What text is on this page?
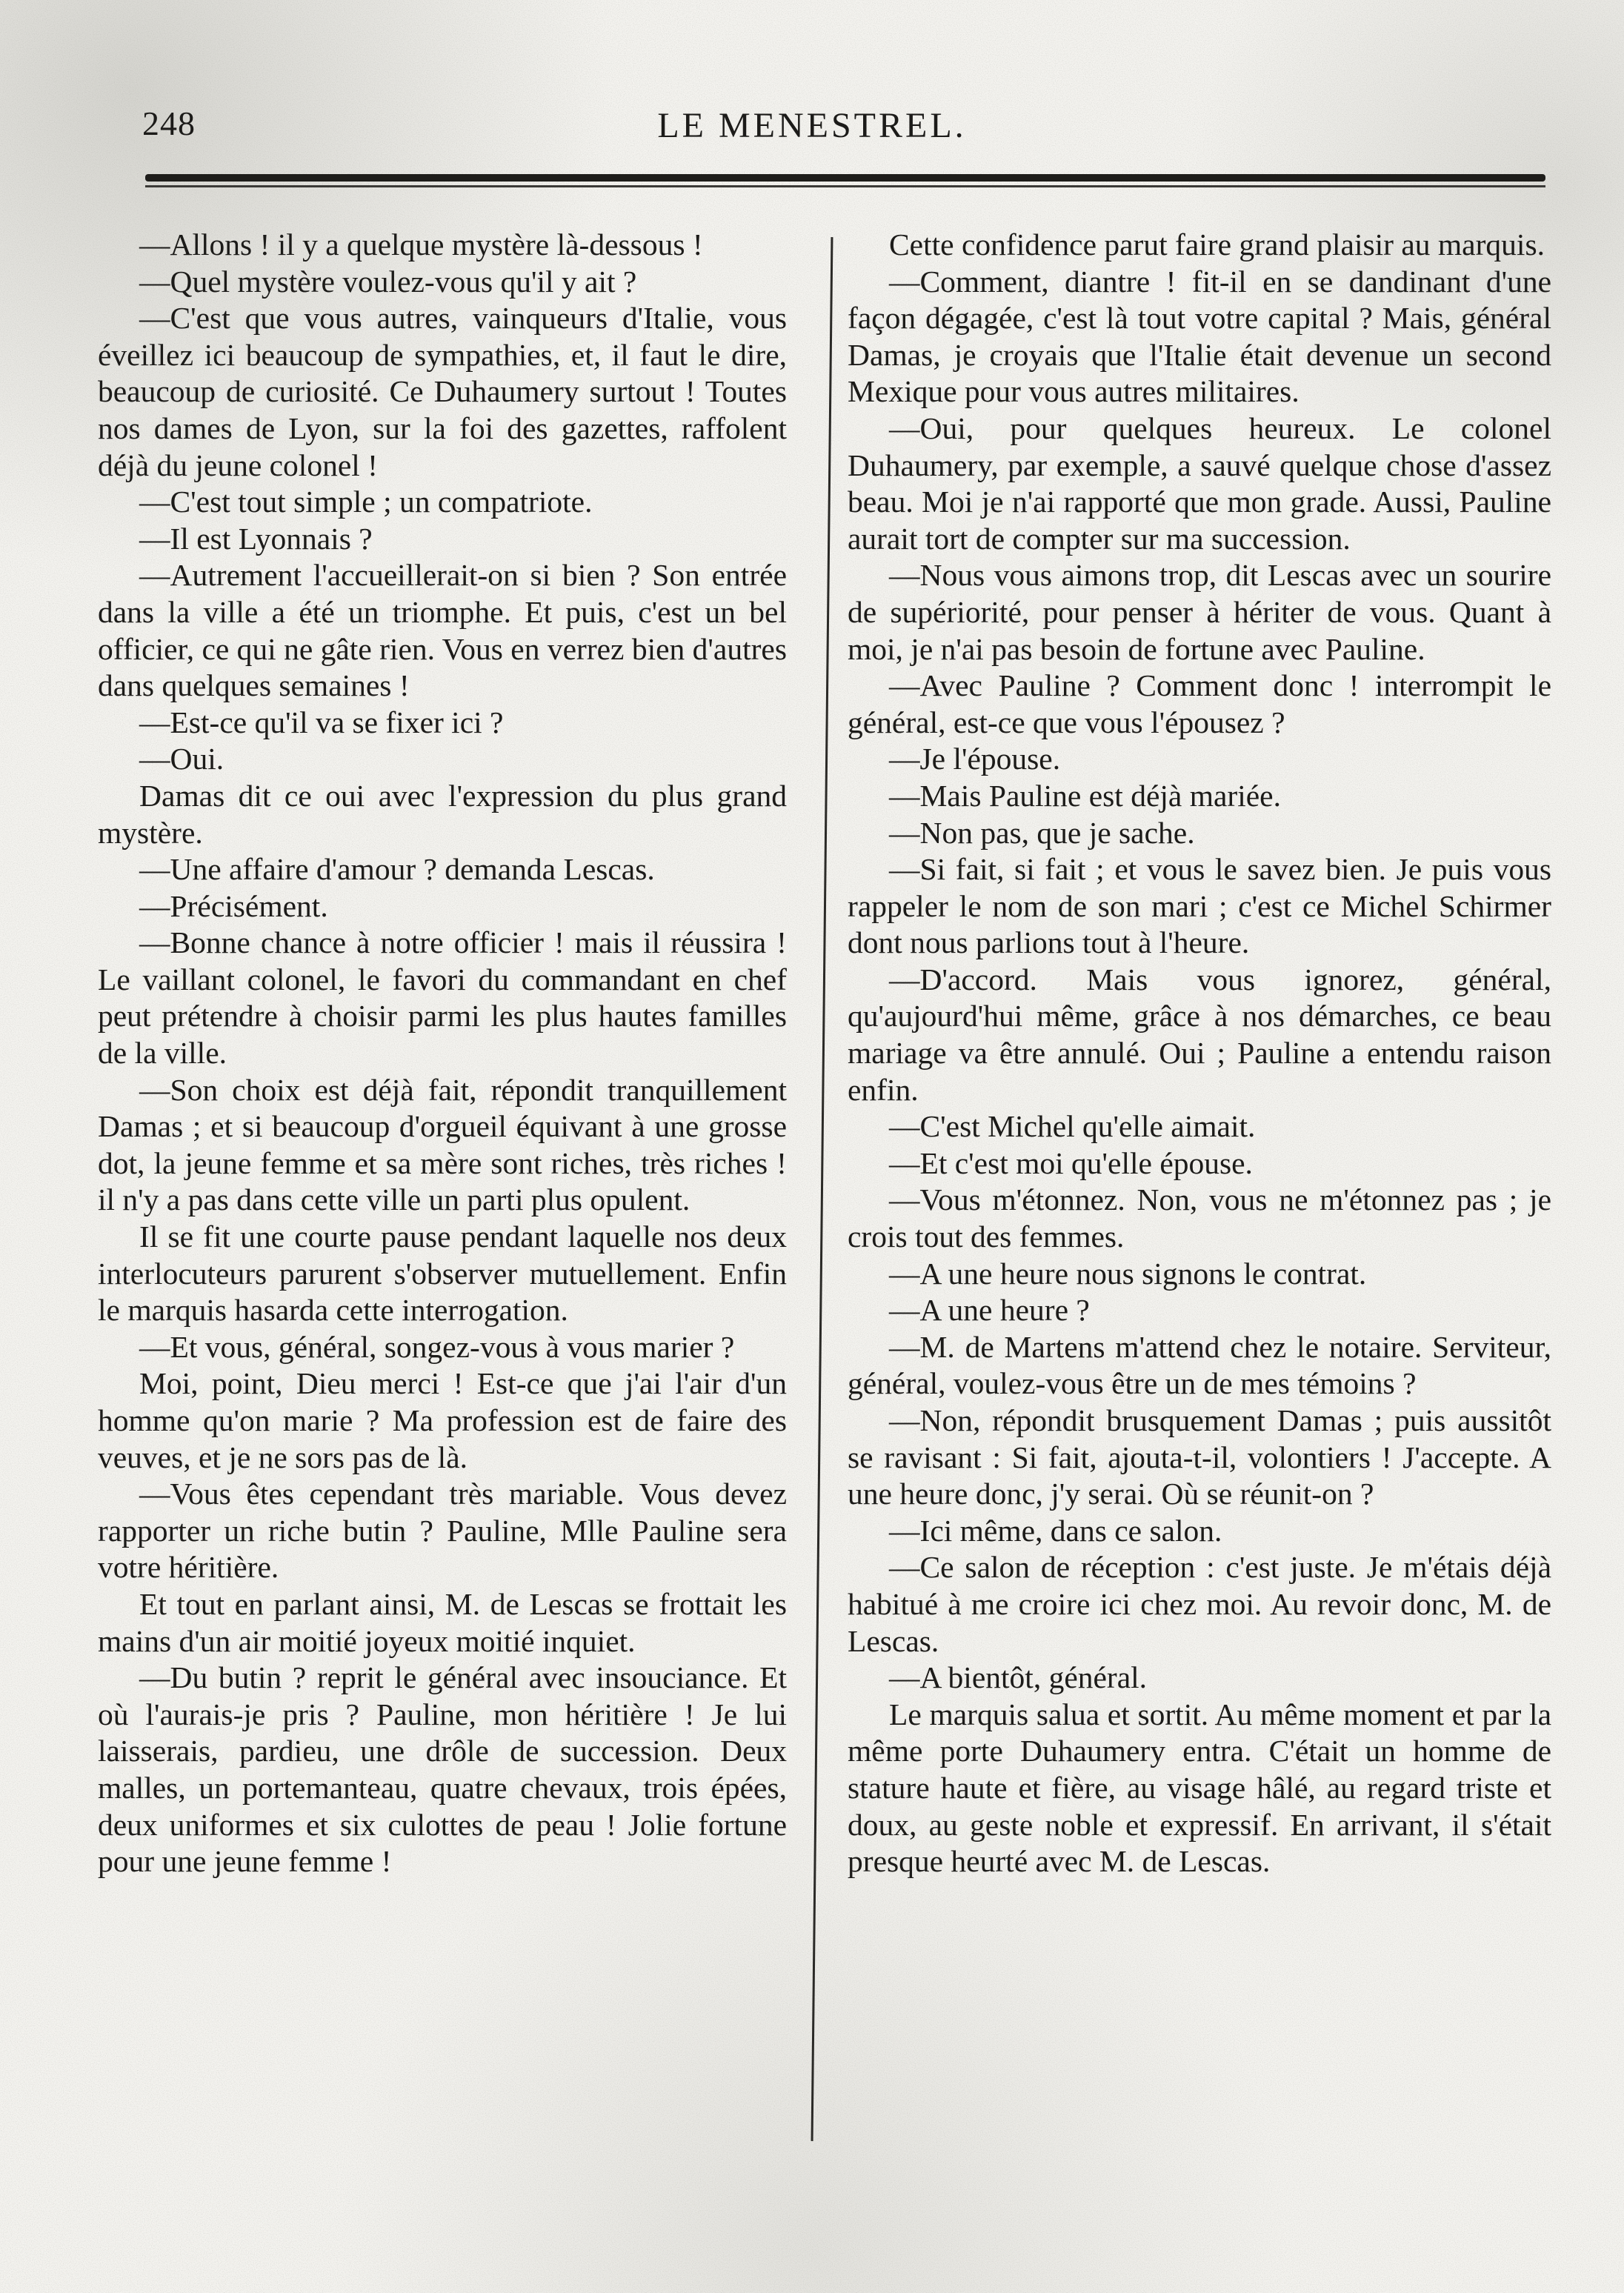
248	LE MENESTREL.

—Allons ! il y a quelque mystère là-dessous !

—Quel mystère voulez-vous qu'il y ait ?

—C'est que vous autres, vainqueurs d'Italie, vous éveillez ici beaucoup de sympathies, et, il faut le dire, beaucoup de curiosité. Ce Duhaumery surtout ! Toutes nos dames de Lyon, sur la foi des gazettes, raffolent déjà du jeune colonel !

—C'est tout simple ; un compatriote.

—Il est Lyonnais ?

—Autrement l'accueillerait-on si bien ? Son entrée dans la ville a été un triomphe. Et puis, c'est un bel officier, ce qui ne gâte rien. Vous en verrez bien d'autres dans quelques semaines !

—Est-ce qu'il va se fixer ici ?

—Oui.

Damas dit ce oui avec l'expression du plus grand mystère.

—Une affaire d'amour ? demanda Lescas.

—Précisément.

—Bonne chance à notre officier ! mais il réussira ! Le vaillant colonel, le favori du commandant en chef peut prétendre à choisir parmi les plus hautes familles de la ville.

—Son choix est déjà fait, répondit tranquillement Damas ; et si beaucoup d'orgueil équivant à une grosse dot, la jeune femme et sa mère sont riches, très riches ! il n'y a pas dans cette ville un parti plus opulent.

Il se fit une courte pause pendant laquelle nos deux interlocuteurs parurent s'observer mutuellement. Enfin le marquis hasarda cette interrogation.

—Et vous, général, songez-vous à vous marier ?

Moi, point, Dieu merci ! Est-ce que j'ai l'air d'un homme qu'on marie ? Ma profession est de faire des veuves, et je ne sors pas de là.

—Vous êtes cependant très mariable. Vous devez rapporter un riche butin ? Pauline, Mlle Pauline sera votre héritière.

Et tout en parlant ainsi, M. de Lescas se frottait les mains d'un air moitié joyeux moitié inquiet.

—Du butin ? reprit le général avec insouciance. Et où l'aurais-je pris ? Pauline, mon héritière ! Je lui laisserais, pardieu, une drôle de succession. Deux malles, un portemanteau, quatre chevaux, trois épées, deux uniformes et six culottes de peau ! Jolie fortune pour une jeune femme !

Cette confidence parut faire grand plaisir au marquis.

—Comment, diantre ! fit-il en se dandinant d'une façon dégagée, c'est là tout votre capital ? Mais, général Damas, je croyais que l'Italie était devenue un second Mexique pour vous autres militaires.

—Oui, pour quelques heureux. Le colonel Duhaumery, par exemple, a sauvé quelque chose d'assez beau. Moi je n'ai rapporté que mon grade. Aussi, Pauline aurait tort de compter sur ma succession.

—Nous vous aimons trop, dit Lescas avec un sourire de supériorité, pour penser à hériter de vous. Quant à moi, je n'ai pas besoin de fortune avec Pauline.

—Avec Pauline ? Comment donc ! interrompit le général, est-ce que vous l'épousez ?

—Je l'épouse.

—Mais Pauline est déjà mariée.

—Non pas, que je sache.

—Si fait, si fait ; et vous le savez bien. Je puis vous rappeler le nom de son mari ; c'est ce Michel Schirmer dont nous parlions tout à l'heure.

—D'accord. Mais vous ignorez, général, qu'aujourd'hui même, grâce à nos démarches, ce beau mariage va être annulé. Oui ; Pauline a entendu raison enfin.

—C'est Michel qu'elle aimait.

—Et c'est moi qu'elle épouse.

—Vous m'étonnez. Non, vous ne m'étonnez pas ; je crois tout des femmes.

—A une heure nous signons le contrat.

—A une heure ?

—M. de Martens m'attend chez le notaire. Serviteur, général, voulez-vous être un de mes témoins ?

—Non, répondit brusquement Damas ; puis aussitôt se ravisant : Si fait, ajouta-t-il, volontiers ! J'accepte. A une heure donc, j'y serai. Où se réunit-on ?

—Ici même, dans ce salon.

—Ce salon de réception : c'est juste. Je m'étais déjà habitué à me croire ici chez moi. Au revoir donc, M. de Lescas.

—A bientôt, général.

Le marquis salua et sortit. Au même moment et par la même porte Duhaumery entra. C'était un homme de stature haute et fière, au visage hâlé, au regard triste et doux, au geste noble et expressif. En arrivant, il s'était presque heurté avec M. de Lescas.
